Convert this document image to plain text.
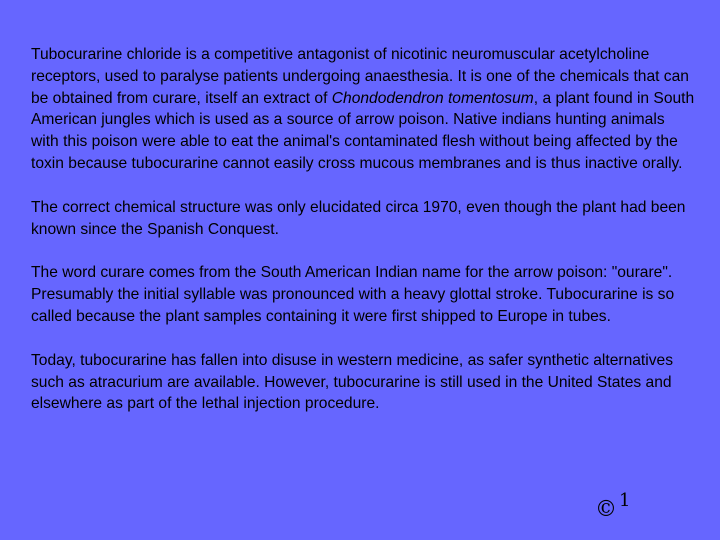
Tubocurarine chloride is a competitive antagonist of nicotinic neuromuscular acetylcholine receptors, used to paralyse patients undergoing anaesthesia. It is one of the chemicals that can be obtained from curare, itself an extract of Chondodendron tomentosum, a plant found in South American jungles which is used as a source of arrow poison. Native indians hunting animals with this poison were able to eat the animal's contaminated flesh without being affected by the toxin because tubocurarine cannot easily cross mucous membranes and is thus inactive orally.

The correct chemical structure was only elucidated circa 1970, even though the plant had been known since the Spanish Conquest.

The word curare comes from the South American Indian name for the arrow poison: "ourare". Presumably the initial syllable was pronounced with a heavy glottal stroke. Tubocurarine is so called because the plant samples containing it were first shipped to Europe in tubes.

Today, tubocurarine has fallen into disuse in western medicine, as safer synthetic alternatives such as atracurium are available. However, tubocurarine is still used in the United States and elsewhere as part of the lethal injection procedure.

© 1
